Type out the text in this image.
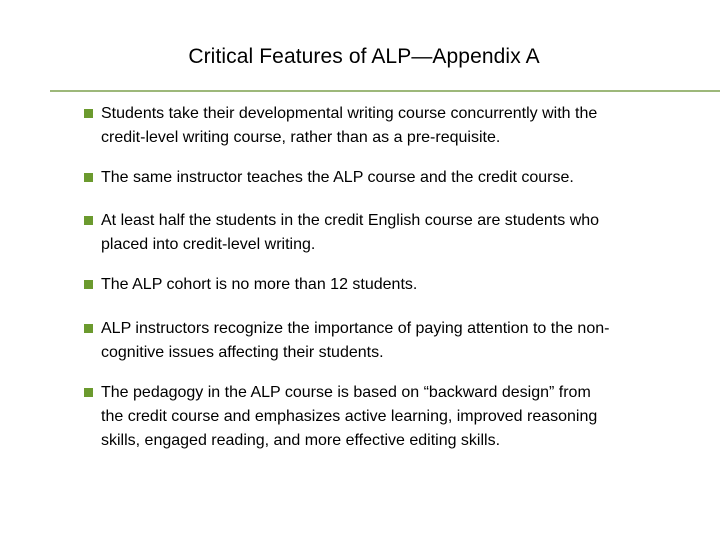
Critical Features of ALP—Appendix A
Students take their developmental writing course concurrently with the
credit-level writing course, rather than as a pre-requisite.
The same instructor teaches the ALP course and the credit course.
At least half the students in the credit English course are students who
placed into credit-level writing.
The ALP cohort is no more than 12 students.
ALP instructors recognize the importance of paying attention to the non-
cognitive issues affecting their students.
The pedagogy in the ALP course is based on “backward design” from
the credit course and emphasizes active learning, improved reasoning
skills, engaged reading, and more effective editing skills.
